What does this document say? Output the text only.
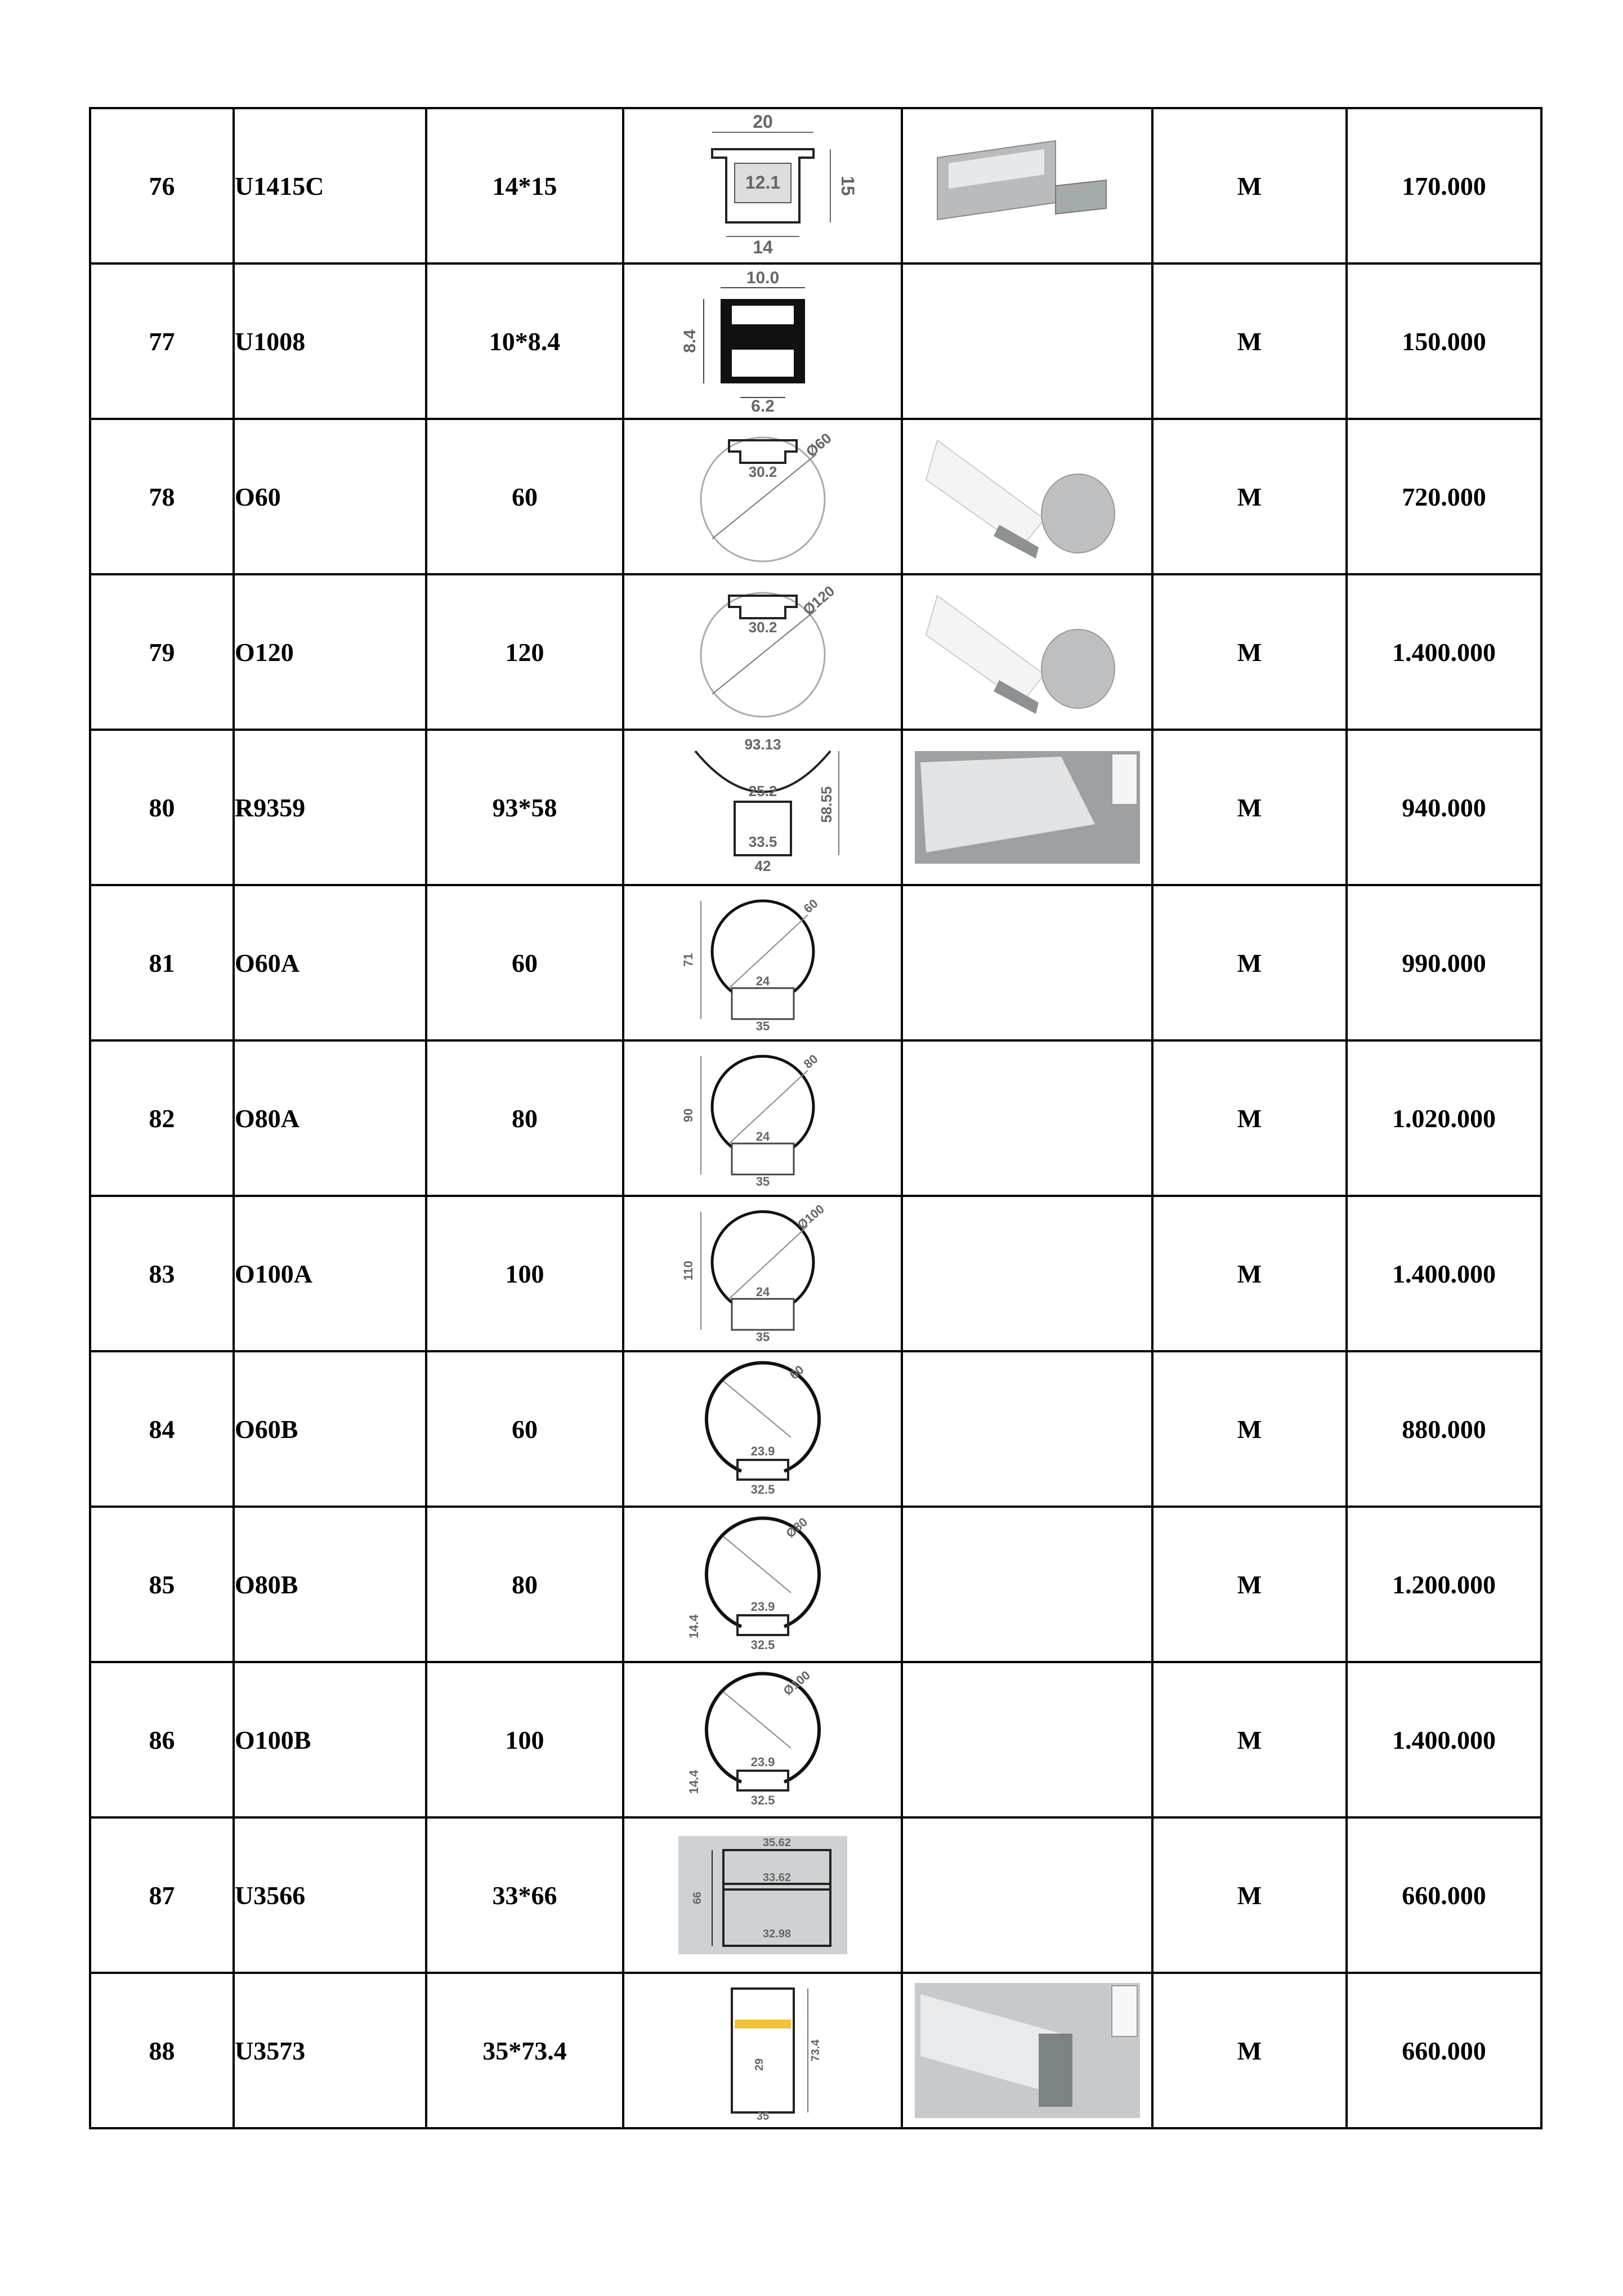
76	U1415C	14*15	20
12.1 15
14		M	170.000
77	U1008	10*8.4	10.0
8.4
6.2		M	150.000
78	O60	60	30.2
Ø60		M	720.000
79	O120	120	30.2
Ø120		M	1.400.000
80	R9359	93*58	93.13
25.2
33.5
58.55
42		M	940.000
81	O60A	60	60
24
35
71		M	990.000
82	O80A	80	80
24
35
90		M	1.020.000
83	O100A	100	Ø100
24
35
110		M	1.400.000
84	O60B	60	60
23.9
32.5		M	880.000
85	O80B	80	Ø80
23.9
32.5
14.4		M	1.200.000
86	O100B	100	Ø100
23.9
32.5
14.4		M	1.400.000
87	U3566	33*66	35.62
33.62
32.98
66		M	660.000
88	U3573	35*73.4	73.4
35
29		M	660.000
